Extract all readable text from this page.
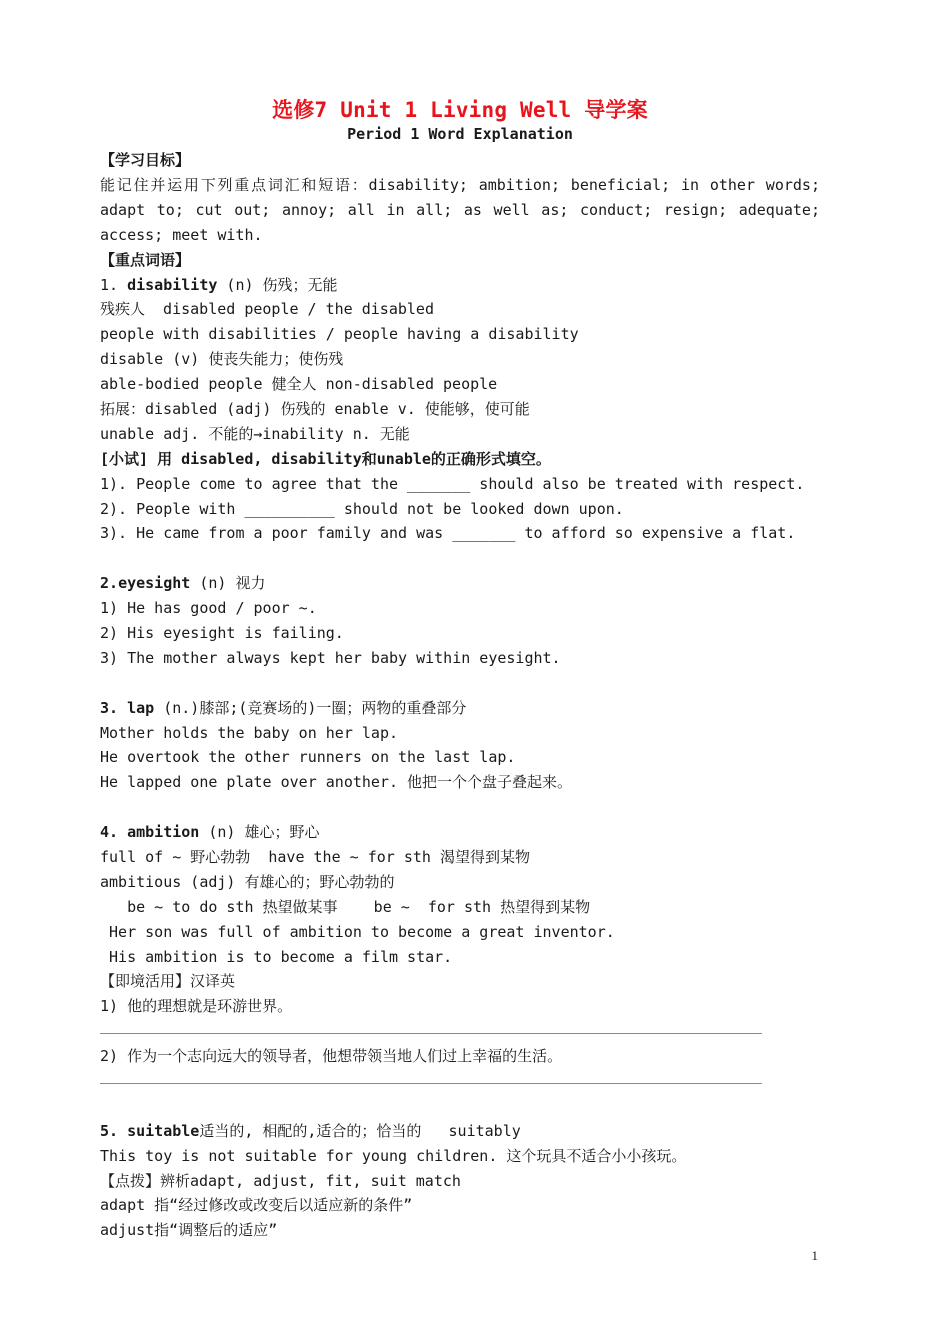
选修7 Unit 1 Living Well 导学案
Period 1 Word Explanation
【学习目标】
能记住并运用下列重点词汇和短语：disability; ambition; beneficial; in other words; adapt to; cut out; annoy; all in all; as well as; conduct; resign; adequate; access; meet with.
【重点词语】
1. disability (n) 伤残；无能
残疾人  disabled people / the disabled
people with disabilities / people having a disability
disable (v) 使丧失能力；使伤残
able-bodied people 健全人 non-disabled people
拓展：disabled (adj) 伤残的 enable v. 使能够，使可能
unable adj. 不能的→inability n. 无能
[小试] 用 disabled, disability和unable的正确形式填空。
1). People come to agree that the _______ should also be treated with respect.
2). People with __________ should not be looked down upon.
3). He came from a poor family and was _______ to afford so expensive a flat.
2.eyesight (n) 视力
1) He has good / poor ~.
2) His eyesight is failing.
3) The mother always kept her baby within eyesight.
3. lap (n.)膝部;(竞赛场的)一圈；两物的重叠部分
Mother holds the baby on her lap.
He overtook the other runners on the last lap.
He lapped one plate over another. 他把一个个盘子叠起来。
4. ambition (n) 雄心；野心
full of ~ 野心勃勃  have the ~ for sth 渴望得到某物
ambitious (adj) 有雄心的；野心勃勃的
be ~ to do sth 热望做某事    be ~  for sth 热望得到某物
Her son was full of ambition to become a great inventor.
His ambition is to become a film star.
【即境活用】汉译英
1) 他的理想就是环游世界。
2) 作为一个志向远大的领导者，他想带领当地人们过上幸福的生活。
5. suitable适当的, 相配的,适合的；恰当的   suitably
This toy is not suitable for young children. 这个玩具不适合小小孩玩。
【点拨】辨析adapt, adjust, fit, suit match
adapt 指“经过修改或改变后以适应新的条件”
adjust指“调整后的适应”
1
